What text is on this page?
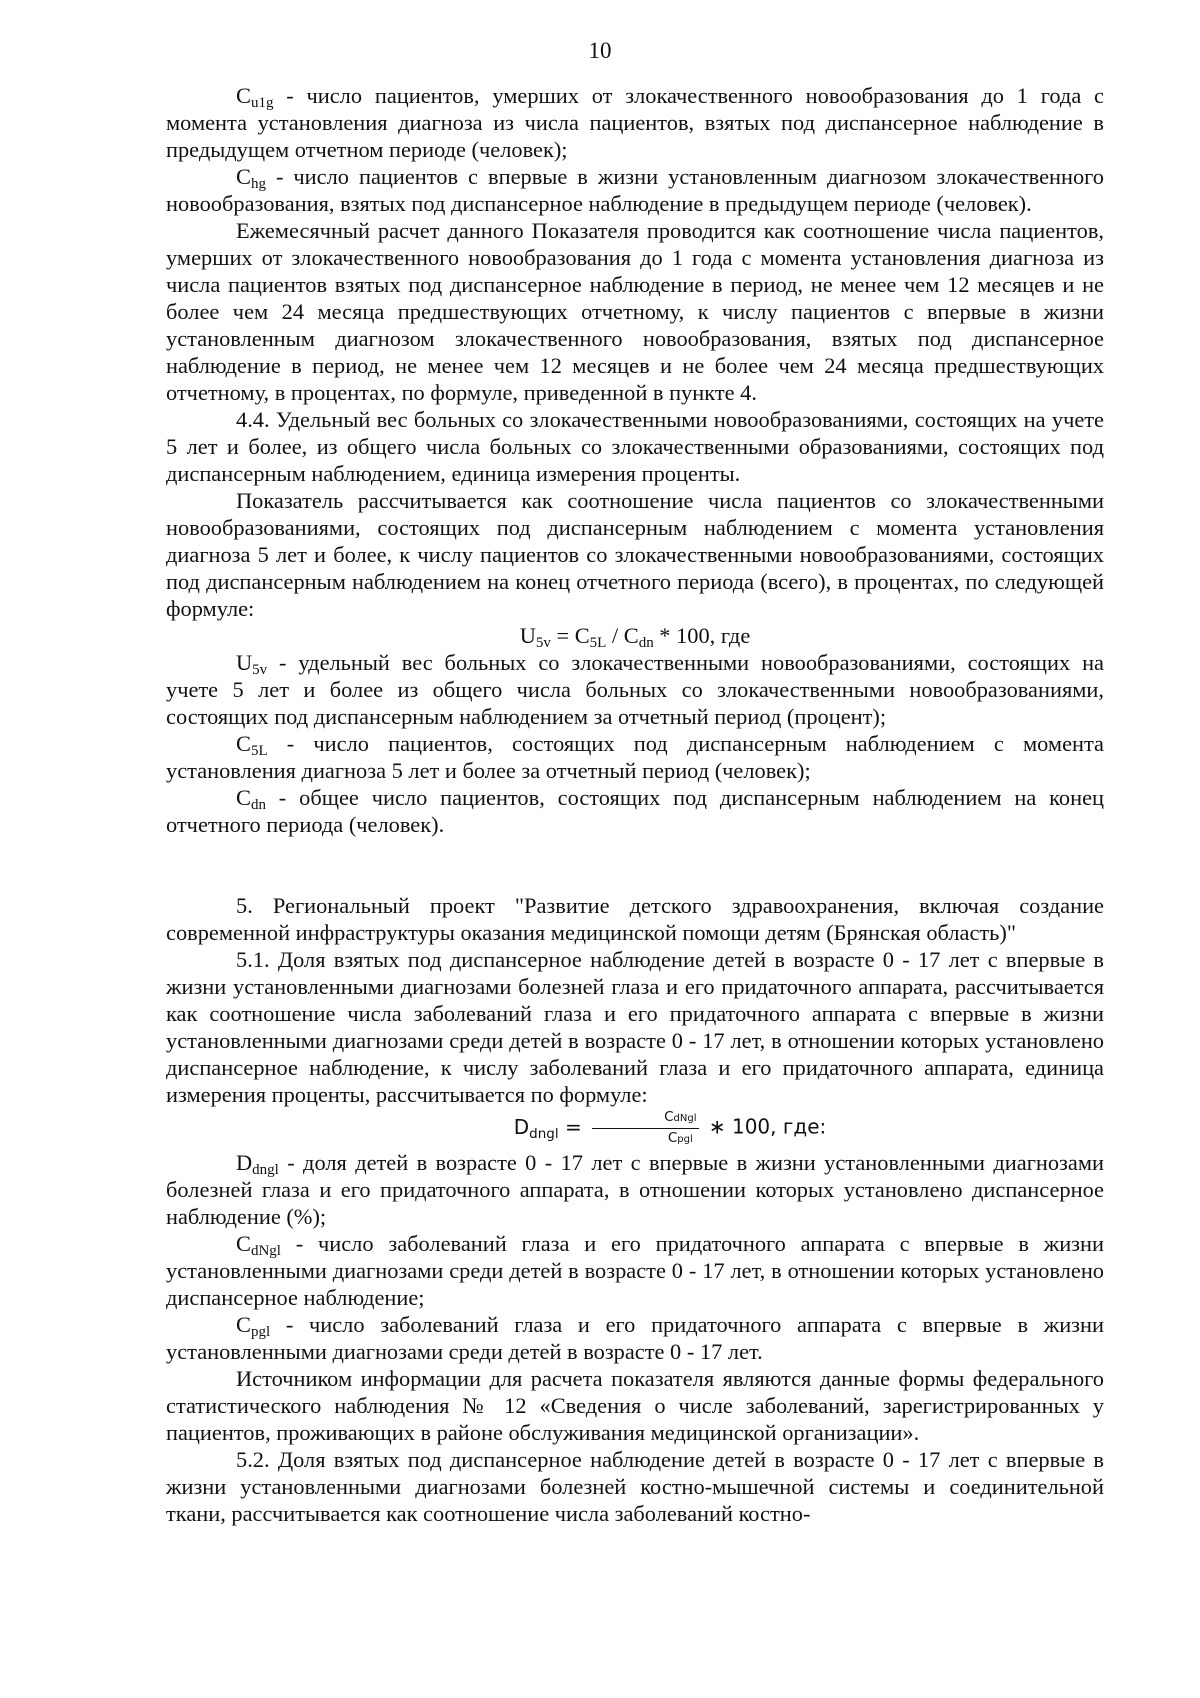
10

$C_{u1g}$ - число пациентов, умерших от злокачественного новообразования до 1 года с момента установления диагноза из числа пациентов, взятых под диспансерное наблюдение в предыдущем отчетном периоде (человек);

$C_{hg}$ - число пациентов с впервые в жизни установленным диагнозом злокачественного новообразования, взятых под диспансерное наблюдение в предыдущем периоде (человек).

Ежемесячный расчет данного Показателя проводится как соотношение числа пациентов, умерших от злокачественного новообразования до 1 года с момента установления диагноза из числа пациентов взятых под диспансерное наблюдение в период, не менее чем 12 месяцев и не более чем 24 месяца предшествующих отчетному, к числу пациентов с впервые в жизни установленным диагнозом злокачественного новообразования, взятых под диспансерное наблюдение в период, не менее чем 12 месяцев и не более чем 24 месяца предшествующих отчетному, в процентах, по формуле, приведенной в пункте 4.

4.4. Удельный вес больных со злокачественными новообразованиями, состоящих на учете 5 лет и более, из общего числа больных со злокачественными образованиями, состоящих под диспансерным наблюдением, единица измерения проценты.

Показатель рассчитывается как соотношение числа пациентов со злокачественными новообразованиями, состоящих под диспансерным наблюдением с момента установления диагноза 5 лет и более, к числу пациентов со злокачественными новообразованиями, состоящих под диспансерным наблюдением на конец отчетного периода (всего), в процентах, по следующей формуле:

$U_{5v} = C_{5L} / C_{dn} * 100$, где

$U_{5v}$ - удельный вес больных со злокачественными новообразованиями, состоящих на учете 5 лет и более из общего числа больных со злокачественными новообразованиями, состоящих под диспансерным наблюдением за отчетный период (процент);

$C_{5L}$ - число пациентов, состоящих под диспансерным наблюдением с момента установления диагноза 5 лет и более за отчетный период (человек);

$C_{dn}$ - общее число пациентов, состоящих под диспансерным наблюдением на конец отчетного периода (человек).

5. Региональный проект "Развитие детского здравоохранения, включая создание современной инфраструктуры оказания медицинской помощи детям (Брянская область)"

5.1. Доля взятых под диспансерное наблюдение детей в возрасте 0 - 17 лет с впервые в жизни установленными диагнозами болезней глаза и его придаточного аппарата, рассчитывается как соотношение числа заболеваний глаза и его придаточного аппарата с впервые в жизни установленными диагнозами среди детей в возрасте 0 - 17 лет, в отношении которых установлено диспансерное наблюдение, к числу заболеваний глаза и его придаточного аппарата, единица измерения проценты, рассчитывается по формуле:

$D_{dngl} = \frac{\text{CdNgl}}{\text{Cpgl}}$ ∗ 100, где:

$D_{dngl}$ - доля детей в возрасте 0 - 17 лет с впервые в жизни установленными диагнозами болезней глаза и его придаточного аппарата, в отношении которых установлено диспансерное наблюдение (%);

$C_{dNgl}$ - число заболеваний глаза и его придаточного аппарата с впервые в жизни установленными диагнозами среди детей в возрасте 0 - 17 лет, в отношении которых установлено диспансерное наблюдение;

$C_{pgl}$ - число заболеваний глаза и его придаточного аппарата с впервые в жизни установленными диагнозами среди детей в возрасте 0 - 17 лет.

Источником информации для расчета показателя являются данные формы федерального статистического наблюдения № 12 «Сведения о числе заболеваний, зарегистрированных у пациентов, проживающих в районе обслуживания медицинской организации».

5.2. Доля взятых под диспансерное наблюдение детей в возрасте 0 - 17 лет с впервые в жизни установленными диагнозами болезней костно-мышечной системы и соединительной ткани, рассчитывается как соотношение числа заболеваний костно-
